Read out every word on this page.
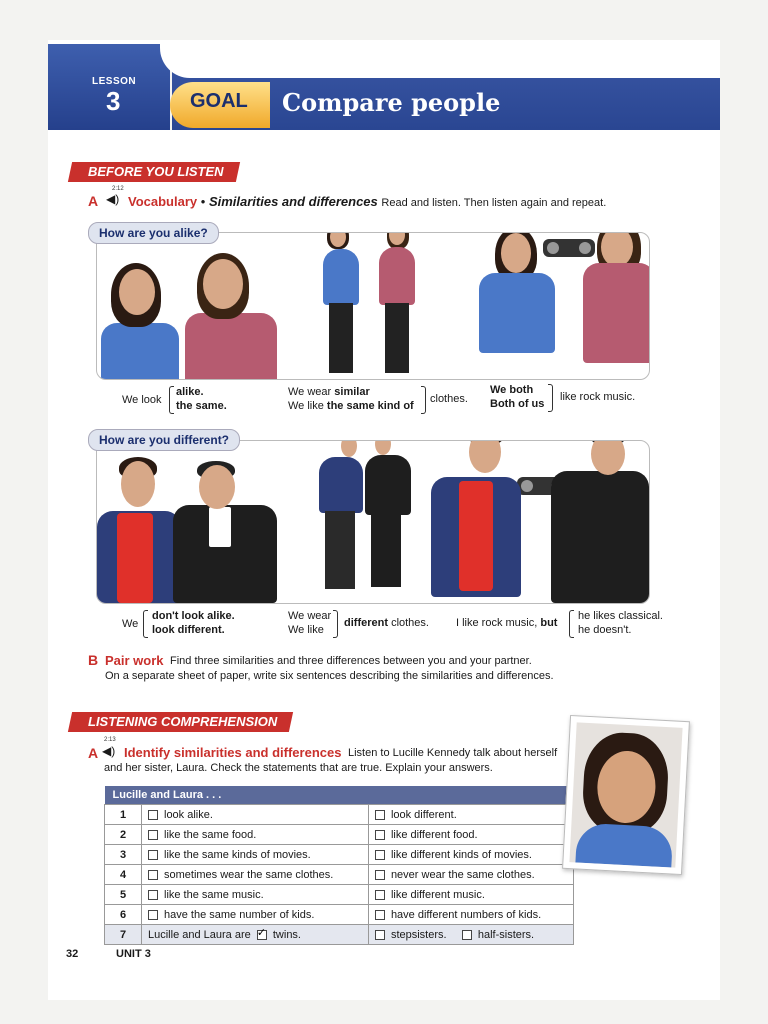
LESSON
3	GOAL Compare people
BEFORE YOU LISTEN
2:12
A ◀) Vocabulary • Similarities and differences Read and listen. Then listen again and repeat.
How are you alike?
We look
alike.
the same.
We wear similar
We like the same kind of
clothes.
We both
Both of us
like rock music.
How are you different?
We
don't look alike.
look different.
We wear
We like
different clothes. I like rock music, but
he likes classical.
he doesn't.
B Pair work Find three similarities and three differences between you and your partner.
On a separate sheet of paper, write six sentences describing the similarities and differences.
LISTENING COMPREHENSION
2:13
A ◀) Identify similarities and differences Listen to Lucille Kennedy talk about herself
and her sister, Laura. Check the statements that are true. Explain your answers.
Lucille and Laura . . .		
1	look alike.	look different.
2	like the same food.	like different food.
3	like the same kinds of movies.	like different kinds of movies.
4	sometimes wear the same clothes.	never wear the same clothes.
5	like the same music.	like different music.
6	have the same number of kids.	have different numbers of kids.
7	Lucille and Laura are ✓ twins.	stepsisters. half-sisters.
32	UNIT 3
